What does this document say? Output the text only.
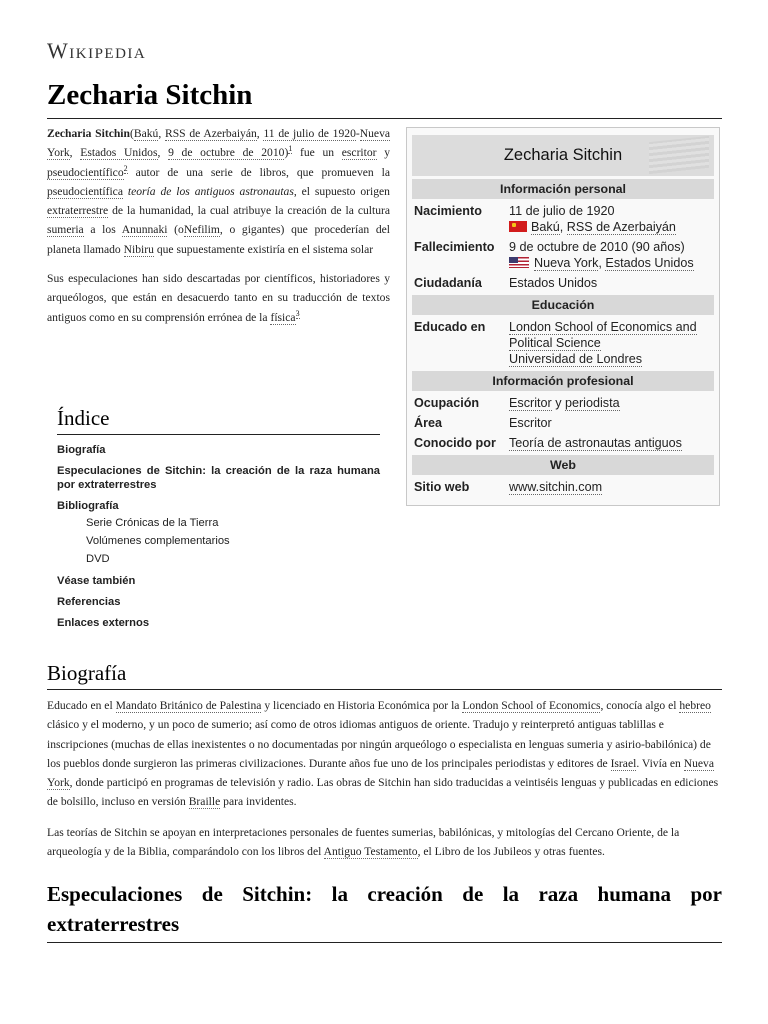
Wikipedia
Zecharia Sitchin

Zecharia Sitchin(Bakú, RSS de Azerbaiyán, 11 de julio de 1920-Nueva York, Estados Unidos, 9 de octubre de 2010)$^1$ fue un escritor y pseudocientífico$^2$ autor de una serie de libros, que promueven la pseudocientífica teoría de los antiguos astronautas, el supuesto origen extraterrestre de la humanidad, la cual atribuye la creación de la cultura sumeria a los Anunnaki (oNefilim, o gigantes) que procederían del planeta llamado Nibiru que supuestamente existiría en el sistema solar

Sus especulaciones han sido descartadas por científicos, historiadores y arqueólogos, que están en desacuerdo tanto en su traducción de textos antiguos como en su comprensión errónea de la física$^3$

Zecharia Sitchin
Información personal
Nacimiento	11 de julio de 1920
Bakú, RSS de Azerbaiyán
Fallecimiento	9 de octubre de 2010 (90 años)
Nueva York, Estados Unidos
Ciudadanía	Estados Unidos
Educación
Educado en	London School of Economics and Political Science
Universidad de Londres
Información profesional
Ocupación	Escritor y periodista
Área	Escritor
Conocido por	Teoría de astronautas antiguos
Web
Sitio web	www.sitchin.com
Índice
Biografía
Especulaciones de Sitchin: la creación de la raza humana por extraterrestres
Bibliografía
Serie Crónicas de la Tierra
Volúmenes complementarios
DVD
Véase también
Referencias
Enlaces externos
Biografía

Educado en el Mandato Británico de Palestina y licenciado en Historia Económica por la London School of Economics, conocía algo el hebreo clásico y el moderno, y un poco de sumerio; así como de otros idiomas antiguos de oriente. Tradujo y reinterpretó antiguas tablillas e inscripciones (muchas de ellas inexistentes o no documentadas por ningún arqueólogo o especialista en lenguas sumeria y asirio-babilónica) de los pueblos donde surgieron las primeras civilizaciones. Durante años fue uno de los principales periodistas y editores de Israel. Vivía en Nueva York, donde participó en programas de televisión y radio. Las obras de Sitchin han sido traducidas a veintiséis lenguas y publicadas en ediciones de bolsillo, incluso en versión Braille para invidentes.

Las teorías de Sitchin se apoyan en interpretaciones personales de fuentes sumerias, babilónicas, y mitologías del Cercano Oriente, de la arqueología y de la Biblia, comparándolo con los libros del Antiguo Testamento, el Libro de los Jubileos y otras fuentes.

Especulaciones de Sitchin: la creación de la raza humana por extraterrestres
